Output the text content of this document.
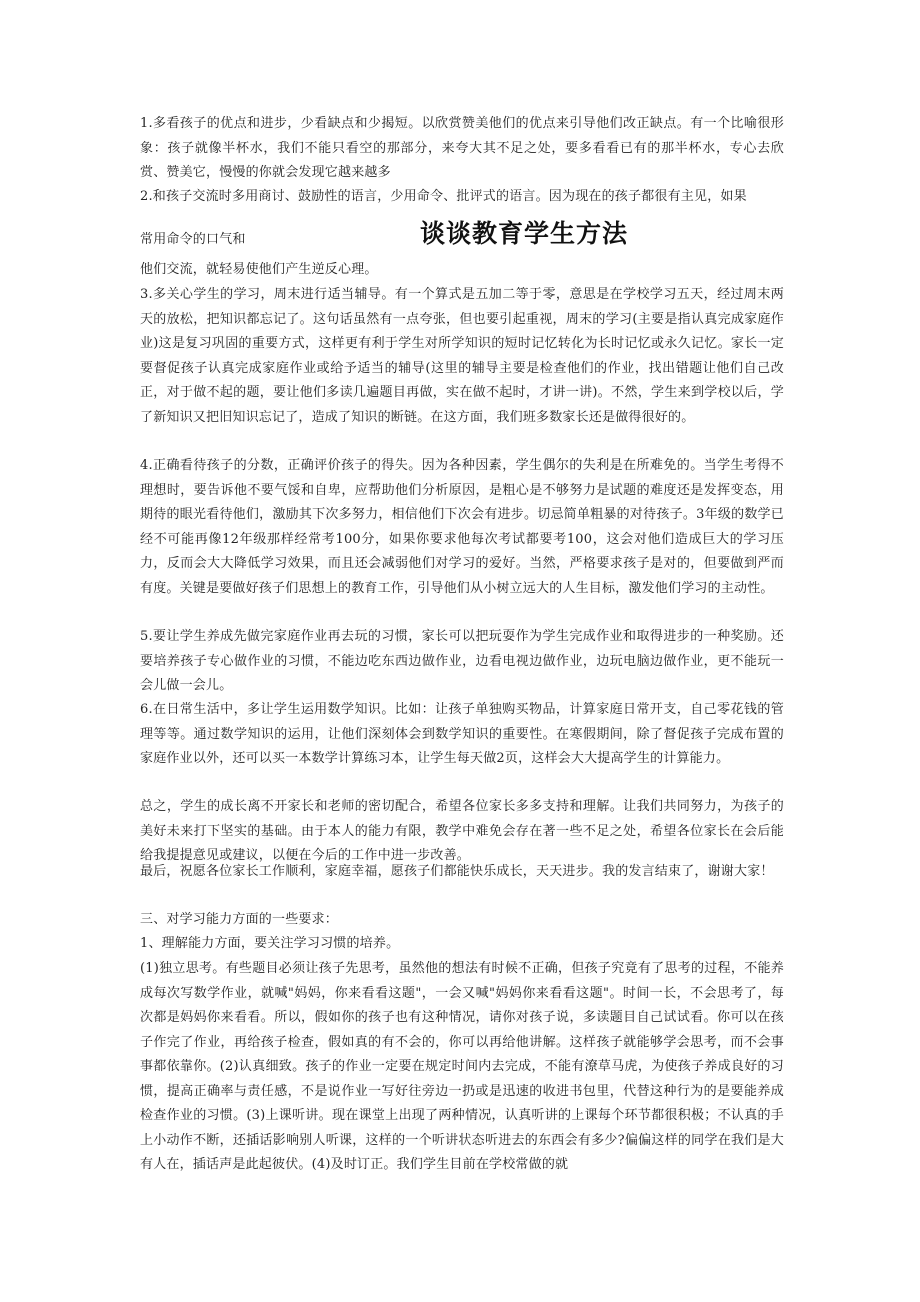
1.多看孩子的优点和进步，少看缺点和少揭短。以欣赏赞美他们的优点来引导他们改正缺点。有一个比喻很形象：孩子就像半杯水，我们不能只看空的那部分，来夸大其不足之处，要多看看已有的那半杯水，专心去欣赏、赞美它，慢慢的你就会发现它越来越多

2.和孩子交流时多用商讨、鼓励性的语言，少用命令、批评式的语言。因为现在的孩子都很有主见，如果

常用命令的口气和	谈谈教育学生方法

他们交流，就轻易使他们产生逆反心理。

3.多关心学生的学习，周末进行适当辅导。有一个算式是五加二等于零，意思是在学校学习五天，经过周末两天的放松，把知识都忘记了。这句话虽然有一点夸张，但也要引起重视，周末的学习(主要是指认真完成家庭作业)这是复习巩固的重要方式，这样更有利于学生对所学知识的短时记忆转化为长时记忆或永久记忆。家长一定要督促孩子认真完成家庭作业或给予适当的辅导(这里的辅导主要是检查他们的作业，找出错题让他们自己改正，对于做不起的题，要让他们多读几遍题目再做，实在做不起时，才讲一讲)。不然，学生来到学校以后，学了新知识又把旧知识忘记了，造成了知识的断链。在这方面，我们班多数家长还是做得很好的。

4.正确看待孩子的分数，正确评价孩子的得失。因为各种因素，学生偶尔的失利是在所难免的。当学生考得不理想时，要告诉他不要气馁和自卑，应帮助他们分析原因，是粗心是不够努力是试题的难度还是发挥变态，用期待的眼光看待他们，激励其下次多努力，相信他们下次会有进步。切忌简单粗暴的对待孩子。3年级的数学已经不可能再像12年级那样经常考100分，如果你要求他每次考试都要考100，这会对他们造成巨大的学习压力，反而会大大降低学习效果，而且还会减弱他们对学习的爱好。当然，严格要求孩子是对的，但要做到严而有度。关键是要做好孩子们思想上的教育工作，引导他们从小树立远大的人生目标，激发他们学习的主动性。

5.要让学生养成先做完家庭作业再去玩的习惯，家长可以把玩耍作为学生完成作业和取得进步的一种奖励。还要培养孩子专心做作业的习惯，不能边吃东西边做作业，边看电视边做作业，边玩电脑边做作业，更不能玩一会儿做一会儿。

6.在日常生活中，多让学生运用数学知识。比如：让孩子单独购买物品，计算家庭日常开支，自己零花钱的管理等等。通过数学知识的运用，让他们深刻体会到数学知识的重要性。在寒假期间，除了督促孩子完成布置的家庭作业以外，还可以买一本数学计算练习本，让学生每天做2页，这样会大大提高学生的计算能力。

总之，学生的成长离不开家长和老师的密切配合，希望各位家长多多支持和理解。让我们共同努力，为孩子的美好未来打下坚实的基础。由于本人的能力有限，教学中难免会存在著一些不足之处，希望各位家长在会后能给我提提意见或建议，以便在今后的工作中进一步改善。

最后，祝愿各位家长工作顺利，家庭幸福，愿孩子们都能快乐成长，天天进步。我的发言结束了，谢谢大家！

三、对学习能力方面的一些要求：

1、理解能力方面，要关注学习习惯的培养。

(1)独立思考。有些题目必须让孩子先思考，虽然他的想法有时候不正确，但孩子究竟有了思考的过程，不能养成每次写数学作业，就喊"妈妈，你来看看这题"，一会又喊"妈妈你来看看这题"。时间一长，不会思考了，每次都是妈妈你来看看。所以，假如你的孩子也有这种情况，请你对孩子说，多读题目自己试试看。你可以在孩子作完了作业，再给孩子检查，假如真的有不会的，你可以再给他讲解。这样孩子就能够学会思考，而不会事事都依靠你。(2)认真细致。孩子的作业一定要在规定时间内去完成，不能有潦草马虎，为使孩子养成良好的习惯，提高正确率与责任感，不是说作业一写好往旁边一扔或是迅速的收进书包里，代替这种行为的是要能养成检查作业的习惯。(3)上课听讲。现在课堂上出现了两种情况，认真听讲的上课每个环节都很积极；不认真的手上小动作不断，还插话影响别人听课，这样的一个听讲状态听进去的东西会有多少?偏偏这样的同学在我们是大有人在，插话声是此起彼伏。(4)及时订正。我们学生目前在学校常做的就
